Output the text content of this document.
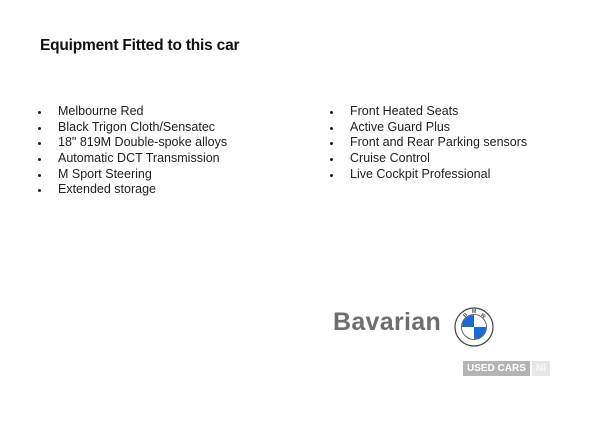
Equipment Fitted to this car
Melbourne Red
Black Trigon Cloth/Sensatec
18" 819M Double-spoke alloys
Automatic DCT Transmission
M Sport Steering
Extended storage
Front Heated Seats
Active Guard Plus
Front and Rear Parking sensors
Cruise Control
Live Cockpit Professional
Bavarian	B
M
W
USED CARS	NI
